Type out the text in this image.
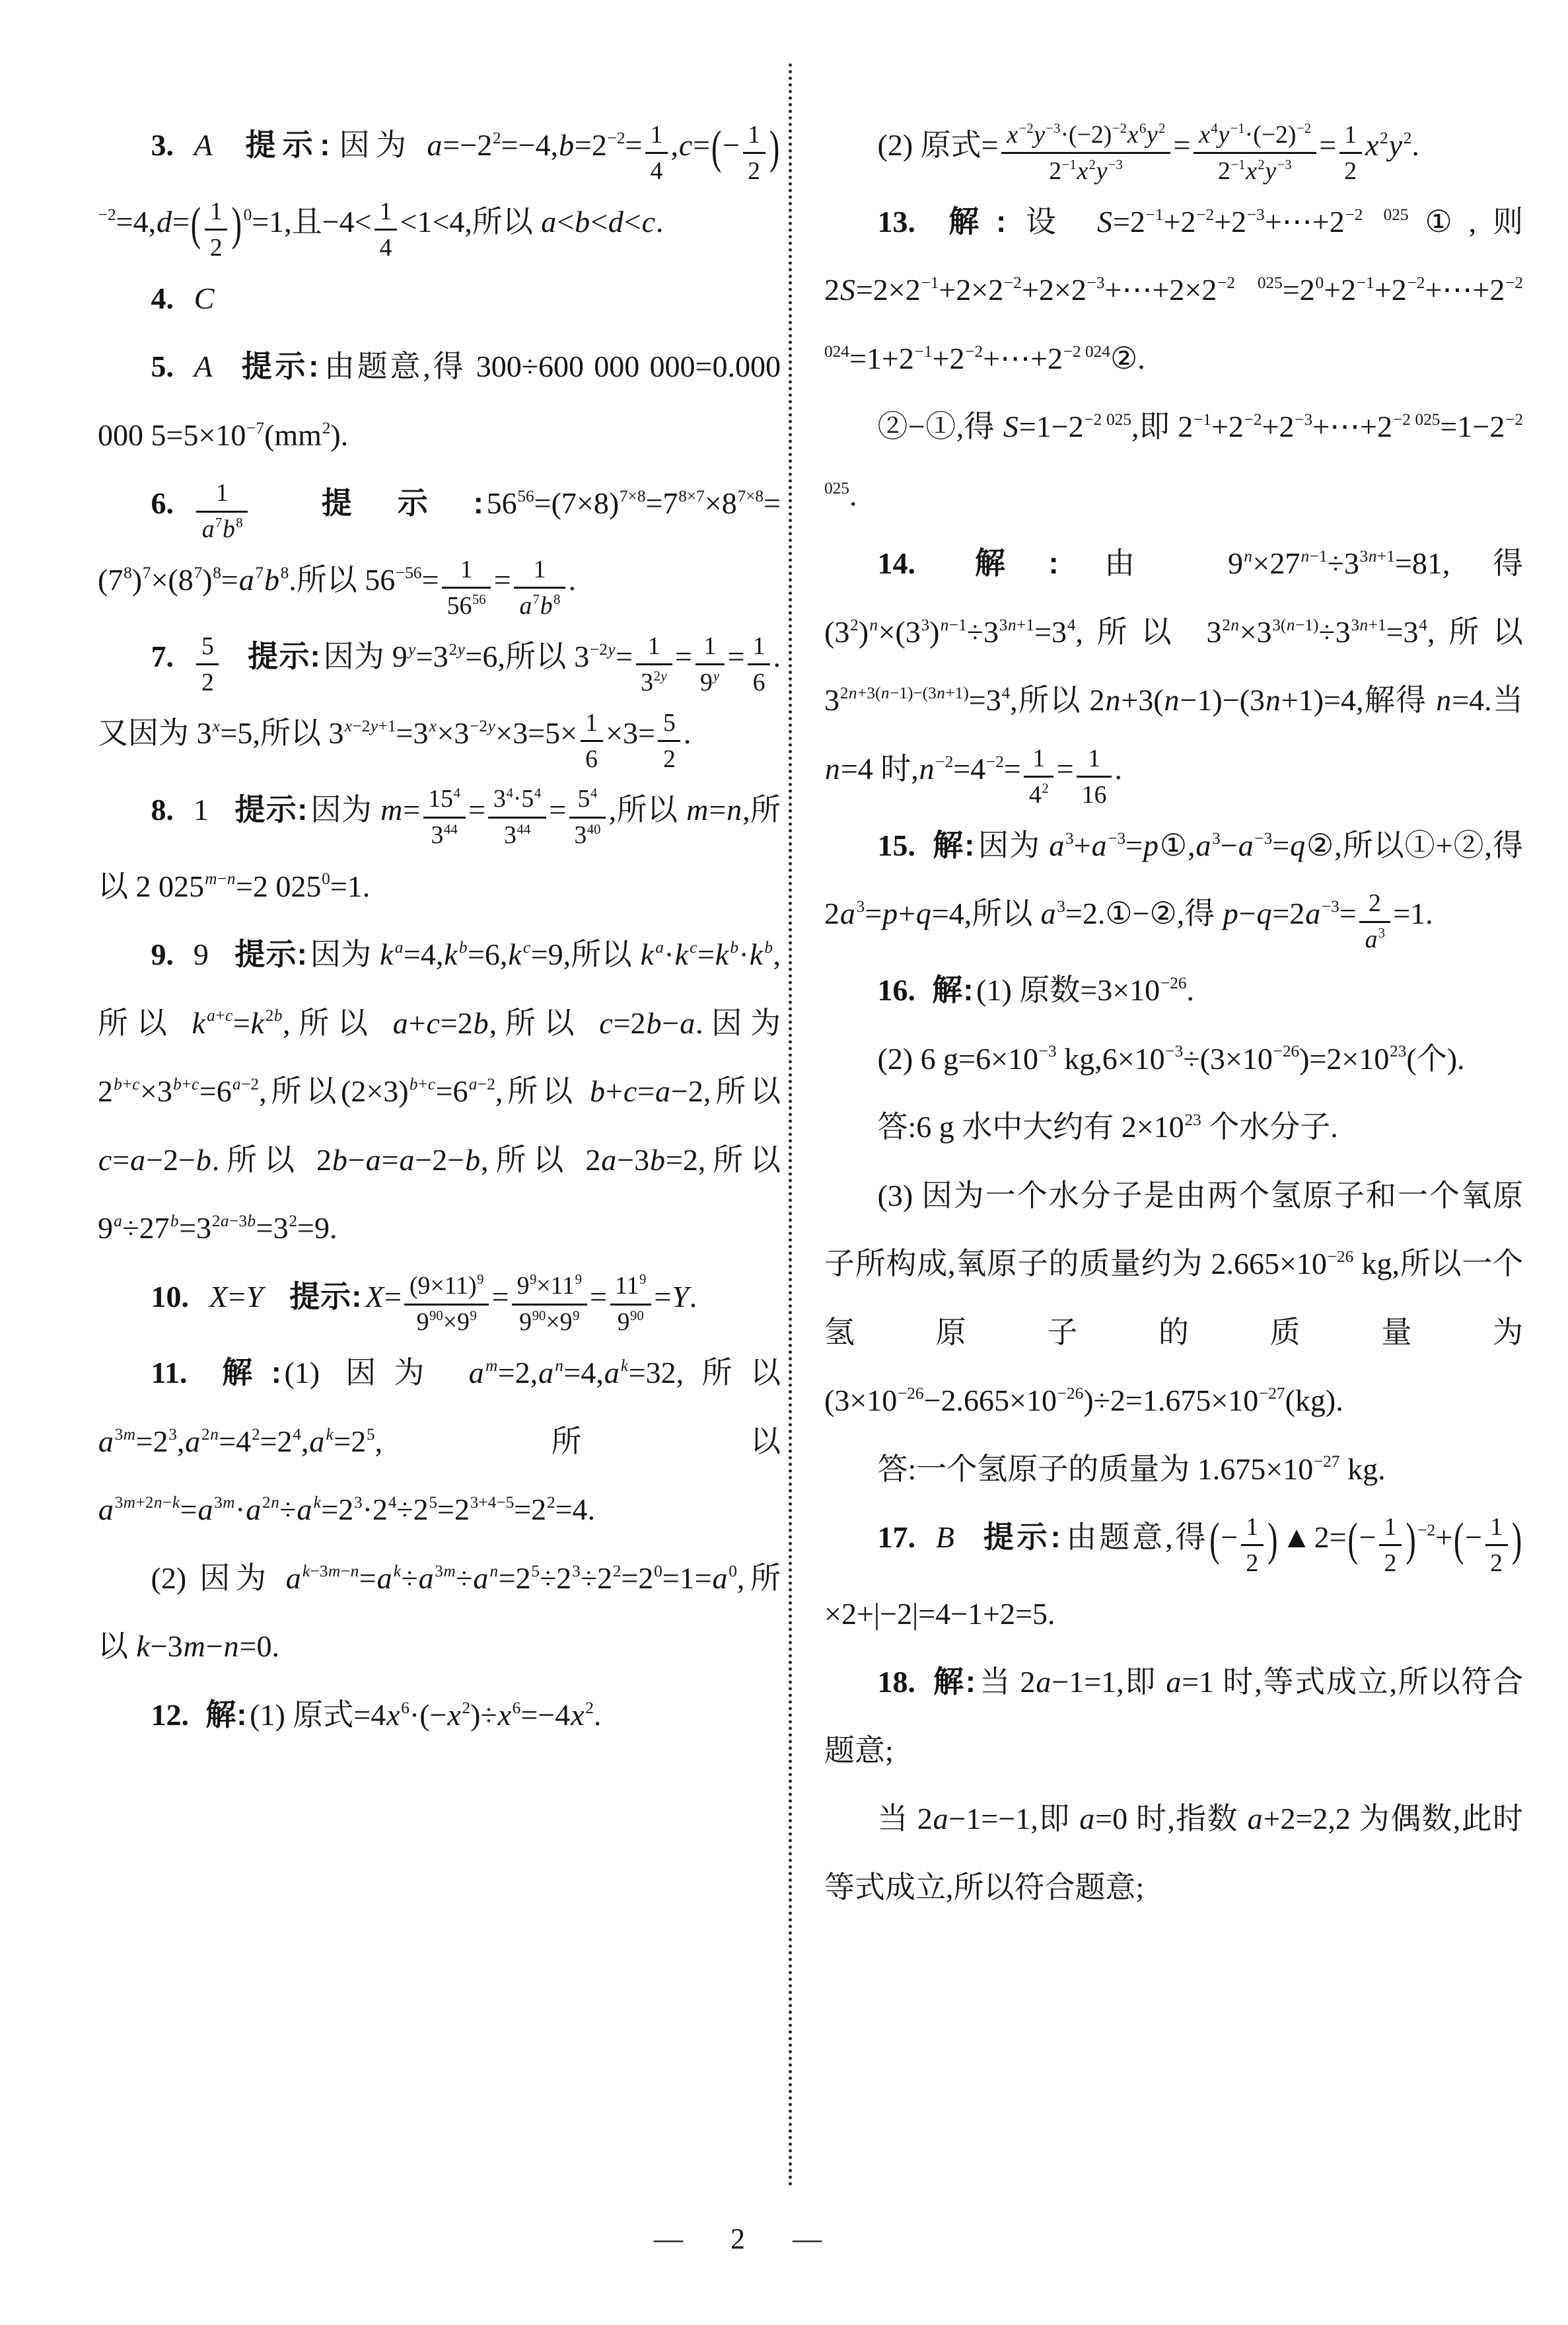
3. A 提示:因为 $a=-2^2=-4,b=2^{-2}= \frac{1}{4} ,c=(- \frac{1}{2} )^{-2}=4,d=( \frac{1}{2}$ ) $^0$=1,且$-4< \frac{1}{4} <1<4$,所以 a<b<d<c.

4. C

5. A 提示:由题意,得 300÷600 000 000=0.000 000 $5=5\times 10^{-7}(mm^2)$.

6. $\frac{1}{a^7b^8}$ 提示$:56^{56}=(7\times 8)^{7\times 8}=7^{8\times 7}\times 8^{7\times 8}=(7^8)^7\times(8^7)^8=a^7b^8$.所以 $56^{-56}= \frac{1}{56^{56}} = \frac{1}{a^7b^8}$ .

7. $\frac{5}{2}$ 提示:因为 $9^y=3^{2y}=6$,所以 $3^{-2y}= \frac{1}{3^{2y}} = \frac{1}{9^y} = \frac{1}{6}$ .又因为 $3^x=5$,所以 $3^{x-2y+1}=3^x\times 3^{-2y}\times 3=5\times \frac{1}{6} \times 3= \frac{5}{2}$ .

8. 1 提示:因为 $m= \frac{15^4}{3^{44}} = \frac{3^4\cdot 5^4}{3^{44}} = \frac{5^4}{3^{40}}$ ,所以 m=n,所以 2 $025^{m-n}=2$ $025^0=1$.

9. 9 提示:因为 $k^a=4,k^b=6,k^c=9$,所以 $k^a\cdot k^c=k^b\cdot k^b$,所以 $k^{a+c}=k^{2b}$,所以 a+c=2b,所以 c=2b−a.因为 $2^{b+c}\times 3^{b+c}=6^{a-2}$,所以$(2\times 3)^{b+c}=6^{a-2}$,所以 b+c=a−2,所以 c=a−2−b.所以 2b−a=a−2−b,所以 2a−3b=2,所以 $9^a\div 27^b=3^{2a-3b}=3^2=9$.

10. X=Y 提示:X= $\frac{(9\times 11)^9}{9^{90}\times 9^9} = \frac{9^9\times 11^9}{9^{90}\times 9^9} = \frac{11^9}{9^{90}} =Y$.

11. 解:(1) 因为 $a^m=2,a^n=4,a^k=32$,所以 $a^{3m}=2^3,a^{2n}=4^2=2^4,a^k=2^5$,所以 $a^{3m+2n-k}=a^{3m}\cdot a^{2n}\div a^k=2^3\cdot 2^4\div 2^5=2^{3+4-5}=2^2=4$.

(2) 因为 $a^{k-3m-n}=a^k\div a^{3m}\div a^n=2^5\div 2^3\div 2^2=2^0=1=a^0$,所以 k−3m−n=0.

12. 解:(1) 原式$=4x^6\cdot(-x^2)\div x^6=-4x^2$.

(2) 原式= $\frac{x^{-2}y^{-3}\cdot(-2)^{-2}x^6y^2}{2^{-1}x^2y^{-3}} = \frac{x^4y^{-1}\cdot(-2)^{-2}}{2^{-1}x^2y^{-3}} = \frac{1}{2} x^2y^2$.

13. 解:设 $S=2^{-1}+2^{-2}+2^{-3}+\cdots+2^{-2 025}①$,则 $2S=2\times 2^{-1}+2\times 2^{-2}+2\times 2^{-3}+\cdots+2\times 2^{-2 025}=2^0+2^{-1}+2^{-2}+\cdots+2^{-2 024}=1+2^{-1}+2^{-2}+\cdots+2^{-2 024}②$.

②−①,得 $S=1-2^{-2 025}$,即 $2^{-1}+2^{-2}+2^{-3}+\cdots+2^{-2 025}=1-2^{-2 025}$.

14. 解:由 $9^n\times 27^{n-1}\div 3^{3n+1}=81$,得$(3^2)^n\times(3^3)^{n-1}\div 3^{3n+1}=3^4$,所以 $3^{2n}\times 3^{3(n-1)}\div 3^{3n+1}=3^4$,所以 $3^{2n+3(n-1)-(3n+1)}=3^4$,所以 2n+3(n−1)−(3n+1)=4,解得 n=4.当 n=4 时$,n^{-2}=4^{-2}= \frac{1}{4^2} = \frac{1}{16}$ .

15. 解:因为 $a^3+a^{-3}=p①,a^3-a^{-3}=q②$,所以①+②,得 $2a^3=p+q=4$,所以 $a^3=2.①-②$,得 $p-q=2a^{-3}= \frac{2}{a^3} =1$.

16. 解:(1) 原数$=3\times 10^{-26}$.

(2) 6 $g=6\times 10^{-3}$ $kg,6\times 10^{-3}\div(3\times 10^{-26})=2\times 10^{23}$(个).

答:6 g 水中大约有 $2\times 10^{23}$ 个水分子.

(3) 因为一个水分子是由两个氢原子和一个氧原子所构成,氧原子的质量约为 $2.665\times 10^{-26}$ kg,所以一个氢原子的质量为$(3\times 10^{-26}-2.665\times 10^{-26})\div 2=1.675\times 10^{-27}(kg)$.

答:一个氢原子的质量为 $1.675\times 10^{-27}$ kg.

17. B 提示:由题意,得(− $\frac{1}{2}$ )▲2=(− $\frac{1}{2}$ ) $^{-2}+(- \frac{1}{2} )\times 2+|-2|=4-1+2=5$.

18. 解:当 2a−1=1,即 a=1 时,等式成立,所以符合题意;

当 2a−1=−1,即 a=0 时,指数 a+2=2,2 为偶数,此时等式成立,所以符合题意;

— 2 —
